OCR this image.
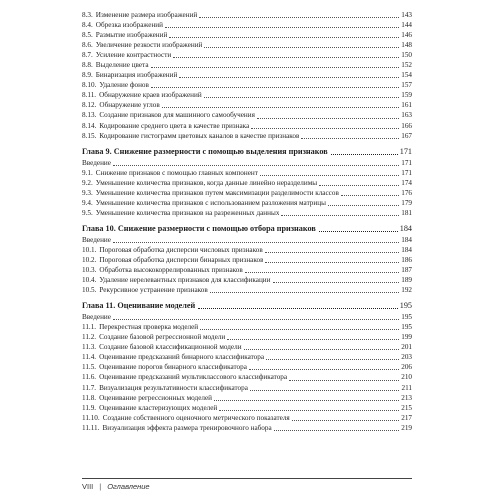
8.3. Изменение размера изображений	143
8.4. Обрезка изображений	144
8.5. Размытие изображений	146
8.6. Увеличение резкости изображений	148
8.7. Усиление контрастности	150
8.8. Выделение цвета	152
8.9. Бинаризация изображений	154
8.10. Удаление фонов	157
8.11. Обнаружение краев изображений	159
8.12. Обнаружение углов	161
8.13. Создание признаков для машинного самообучения	163
8.14. Кодирование среднего цвета в качестве признака	166
8.15. Кодирование гистограмм цветовых каналов в качестве признаков	167
Глава 9. Снижение размерности с помощью выделения признаков	171
Введение	171
9.1. Снижение признаков с помощью главных компонент	171
9.2. Уменьшение количества признаков, когда данные линейно неразделимы	174
9.3. Уменьшение количества признаков путем максимизации разделимости классов	176
9.4. Уменьшение количества признаков с использованием разложения матрицы	179
9.5. Уменьшение количества признаков на разреженных данных	181
Глава 10. Снижение размерности с помощью отбора признаков	184
Введение	184
10.1. Пороговая обработка дисперсии числовых признаков	184
10.2. Пороговая обработка дисперсии бинарных признаков	186
10.3. Обработка высококоррелированных признаков	187
10.4. Удаление нерелевантных признаков для классификации	189
10.5. Рекурсивное устранение признаков	192
Глава 11. Оценивание моделей	195
Введение	195
11.1. Перекрестная проверка моделей	195
11.2. Создание базовой регрессионной модели	199
11.3. Создание базовой классификационной модели	201
11.4. Оценивание предсказаний бинарного классификатора	203
11.5. Оценивание порогов бинарного классификатора	206
11.6. Оценивание предсказаний мультиклассового классификатора	210
11.7. Визуализация результативности классификатора	211
11.8. Оценивание регрессионных моделей	213
11.9. Оценивание кластеризующих моделей	215
11.10. Создание собственного оценочного метрического показателя	217
11.11. Визуализация эффекта размера тренировочного набора	219
VIII | Оглавление
